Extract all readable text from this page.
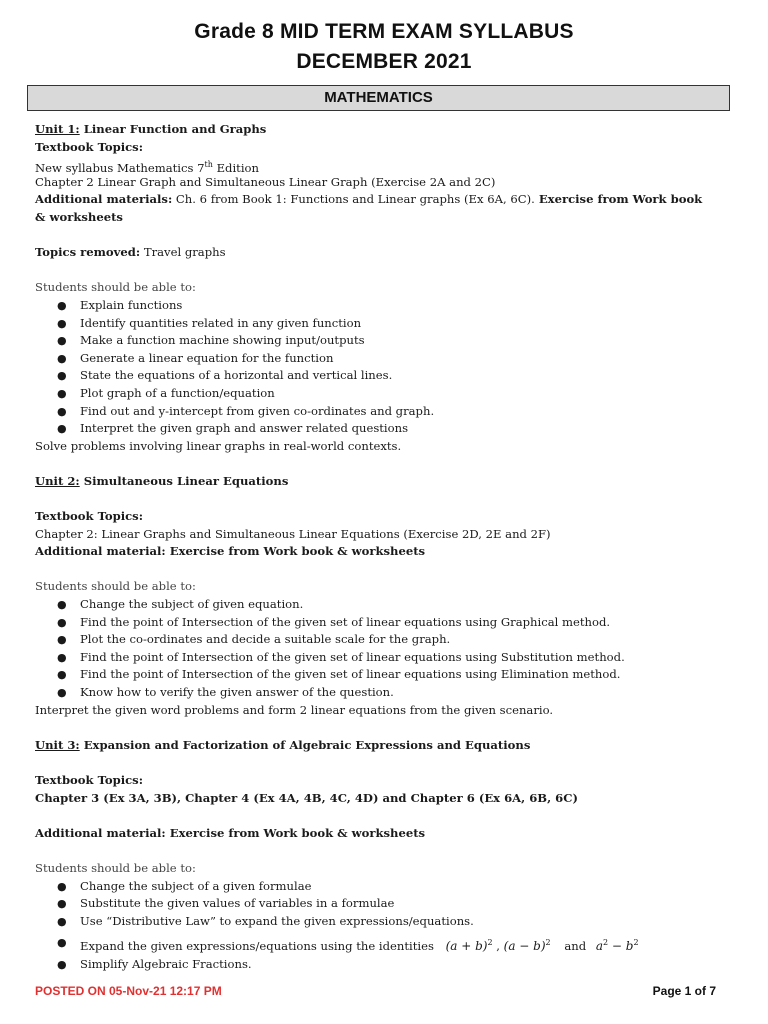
Grade 8 MID TERM EXAM SYLLABUS
DECEMBER 2021
MATHEMATICS
Unit 1: Linear Function and Graphs
Textbook Topics:
New syllabus Mathematics 7th Edition
Chapter 2 Linear Graph and Simultaneous Linear Graph (Exercise 2A and 2C)
Additional materials: Ch. 6 from Book 1: Functions and Linear graphs (Ex 6A, 6C). Exercise from Work book
& worksheets
Topics removed: Travel graphs
Students should be able to:
● Explain functions
● Identify quantities related in any given function
● Make a function machine showing input/outputs
● Generate a linear equation for the function
● State the equations of a horizontal and vertical lines.
● Plot graph of a function/equation
● Find out and y-intercept from given co-ordinates and graph.
● Interpret the given graph and answer related questions
Solve problems involving linear graphs in real-world contexts.
Unit 2: Simultaneous Linear Equations
Textbook Topics:
Chapter 2: Linear Graphs and Simultaneous Linear Equations (Exercise 2D, 2E and 2F)
Additional material: Exercise from Work book & worksheets
Students should be able to:
● Change the subject of given equation.
● Find the point of Intersection of the given set of linear equations using Graphical method.
● Plot the co-ordinates and decide a suitable scale for the graph.
● Find the point of Intersection of the given set of linear equations using Substitution method.
● Find the point of Intersection of the given set of linear equations using Elimination method.
● Know how to verify the given answer of the question.
Interpret the given word problems and form 2 linear equations from the given scenario.
Unit 3: Expansion and Factorization of Algebraic Expressions and Equations
Textbook Topics:
Chapter 3 (Ex 3A, 3B), Chapter 4 (Ex 4A, 4B, 4C, 4D) and Chapter 6 (Ex 6A, 6B, 6C)
Additional material: Exercise from Work book & worksheets
Students should be able to:
● Change the subject of a given formulae
● Substitute the given values of variables in a formulae
● Use “Distributive Law” to expand the given expressions/equations.
● Expand the given expressions/equations using the identities $(a + b)^2$ , $(a - b)^2$ and $a^2 - b^2$
● Simplify Algebraic Fractions.
POSTED ON 05-Nov-21 12:17 PM	Page 1 of 7
